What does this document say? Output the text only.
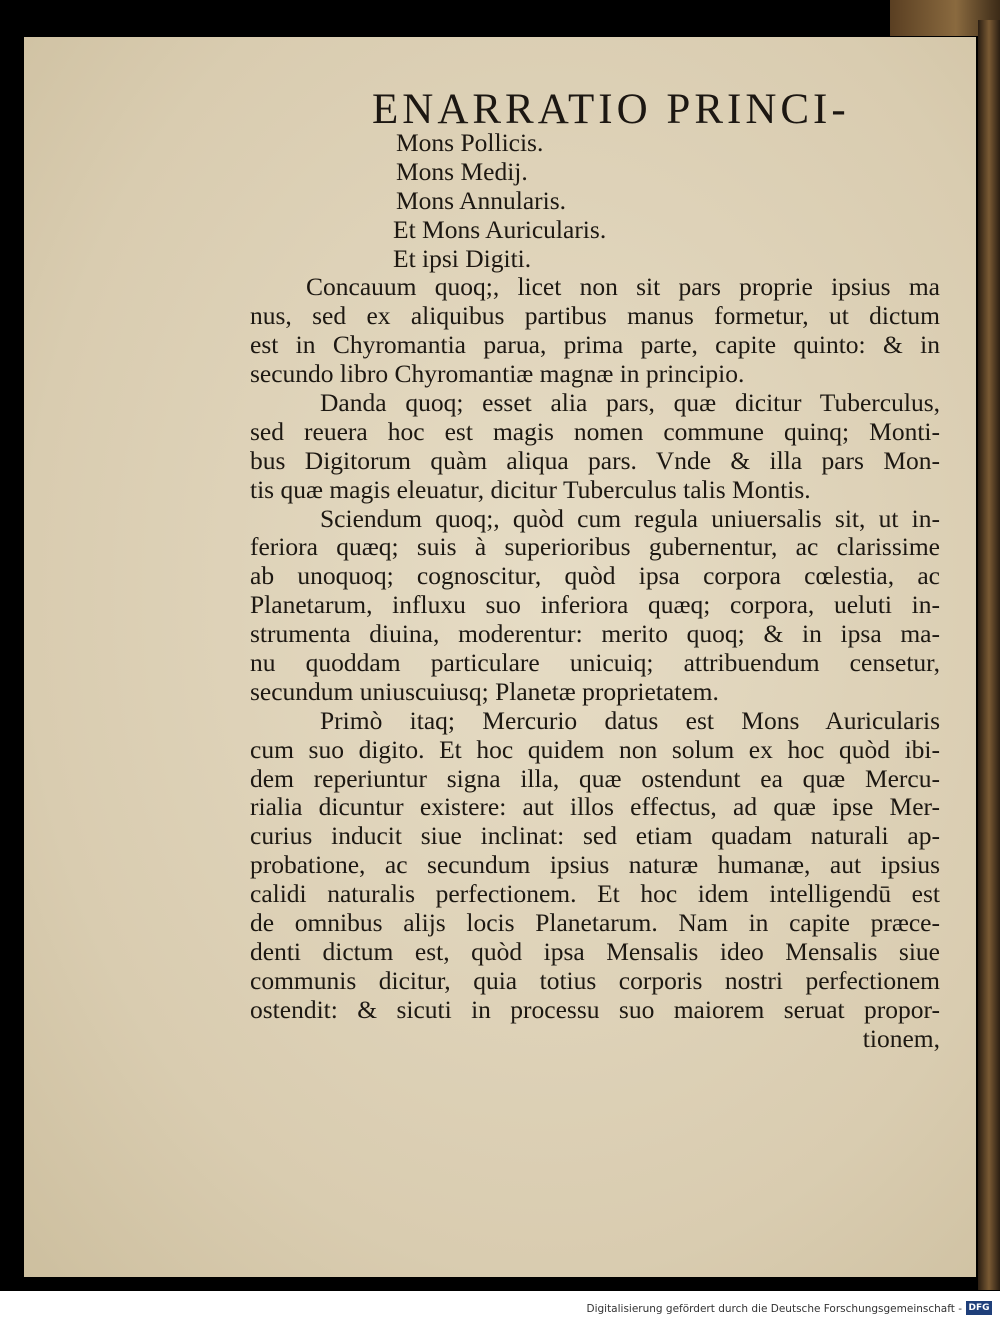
ENARRATIO PRINCI-
Mons Pollicis.
Mons Medij.
Mons Annularis.
Et Mons Auricularis.
Et ipsi Digiti.
Concauum quoq;, licet non sit pars proprie ipsius ma
nus, sed ex aliquibus partibus manus formetur, ut dictum
est in Chyromantia parua, prima parte, capite quinto: & in
secundo libro Chyromantiæ magnæ in principio.
Danda quoq; esset alia pars, quæ dicitur Tuberculus,
sed reuera hoc est magis nomen commune quinq; Monti-
bus Digitorum quàm aliqua pars. Vnde & illa pars Mon-
tis quæ magis eleuatur, dicitur Tuberculus talis Montis.
Sciendum quoq;, quòd cum regula uniuersalis sit, ut in-
feriora quæq; suis à superioribus gubernentur, ac clarissime
ab unoquoq; cognoscitur, quòd ipsa corpora cœlestia, ac
Planetarum, influxu suo inferiora quæq; corpora, ueluti in-
strumenta diuina, moderentur: merito quoq; & in ipsa ma-
nu quoddam particulare unicuiq; attribuendum censetur,
secundum uniuscuiusq; Planetæ proprietatem.
Primò itaq; Mercurio datus est Mons Auricularis
cum suo digito. Et hoc quidem non solum ex hoc quòd ibi-
dem reperiuntur signa illa, quæ ostendunt ea quæ Mercu-
rialia dicuntur existere: aut illos effectus, ad quæ ipse Mer-
curius inducit siue inclinat: sed etiam quadam naturali ap-
probatione, ac secundum ipsius naturæ humanæ, aut ipsius
calidi naturalis perfectionem. Et hoc idem intelligendū est
de omnibus alijs locis Planetarum. Nam in capite præce-
denti dictum est, quòd ipsa Mensalis ideo Mensalis siue
communis dicitur, quia totius corporis nostri perfectionem
ostendit: & sicuti in processu suo maiorem seruat propor-
tionem,
Digitalisierung gefördert durch die Deutsche Forschungsgemeinschaft - DFG
